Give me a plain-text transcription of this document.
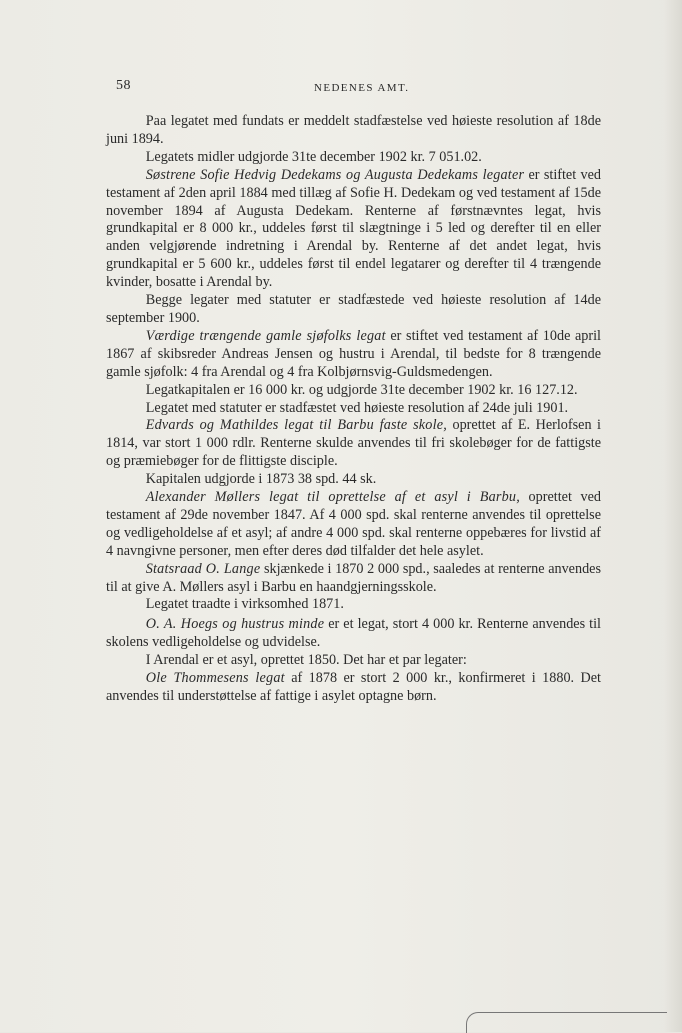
58	NEDENES AMT.

Paa legatet med fundats er meddelt stadfæstelse ved høieste resolution af 18de juni 1894.

Legatets midler udgjorde 31te december 1902 kr. 7 051.02.

Søstrene Sofie Hedvig Dedekams og Augusta Dedekams legater er stiftet ved testament af 2den april 1884 med tillæg af Sofie H. Dedekam og ved testament af 15de november 1894 af Augusta Dedekam. Renterne af førstnævntes legat, hvis grundkapital er 8 000 kr., uddeles først til slægtninge i 5 led og derefter til en eller anden velgjørende indretning i Arendal by. Renterne af det andet legat, hvis grundkapital er 5 600 kr., uddeles først til endel legatarer og derefter til 4 trængende kvinder, bosatte i Arendal by.

Begge legater med statuter er stadfæstede ved høieste resolution af 14de september 1900.

Værdige trængende gamle sjøfolks legat er stiftet ved testament af 10de april 1867 af skibsreder Andreas Jensen og hustru i Arendal, til bedste for 8 trængende gamle sjøfolk: 4 fra Arendal og 4 fra Kolbjørnsvig-Guldsmedengen.

Legatkapitalen er 16 000 kr. og udgjorde 31te december 1902 kr. 16 127.12.

Legatet med statuter er stadfæstet ved høieste resolution af 24de juli 1901.

Edvards og Mathildes legat til Barbu faste skole, oprettet af E. Herlofsen i 1814, var stort 1 000 rdlr. Renterne skulde anvendes til fri skolebøger for de fattigste og præmiebøger for de flittigste disciple.

Kapitalen udgjorde i 1873 38 spd. 44 sk.

Alexander Møllers legat til oprettelse af et asyl i Barbu, oprettet ved testament af 29de november 1847. Af 4 000 spd. skal renterne anvendes til oprettelse og vedligeholdelse af et asyl; af andre 4 000 spd. skal renterne oppebæres for livstid af 4 navngivne personer, men efter deres død tilfalder det hele asylet.

Statsraad O. Lange skjænkede i 1870 2 000 spd., saaledes at renterne anvendes til at give A. Møllers asyl i Barbu en haandgjerningsskole.

Legatet traadte i virksomhed 1871.

O. A. Hoegs og hustrus minde er et legat, stort 4 000 kr. Renterne anvendes til skolens vedligeholdelse og udvidelse.

I Arendal er et asyl, oprettet 1850. Det har et par legater:

Ole Thommesens legat af 1878 er stort 2 000 kr., konfirmeret i 1880. Det anvendes til understøttelse af fattige i asylet optagne børn.
